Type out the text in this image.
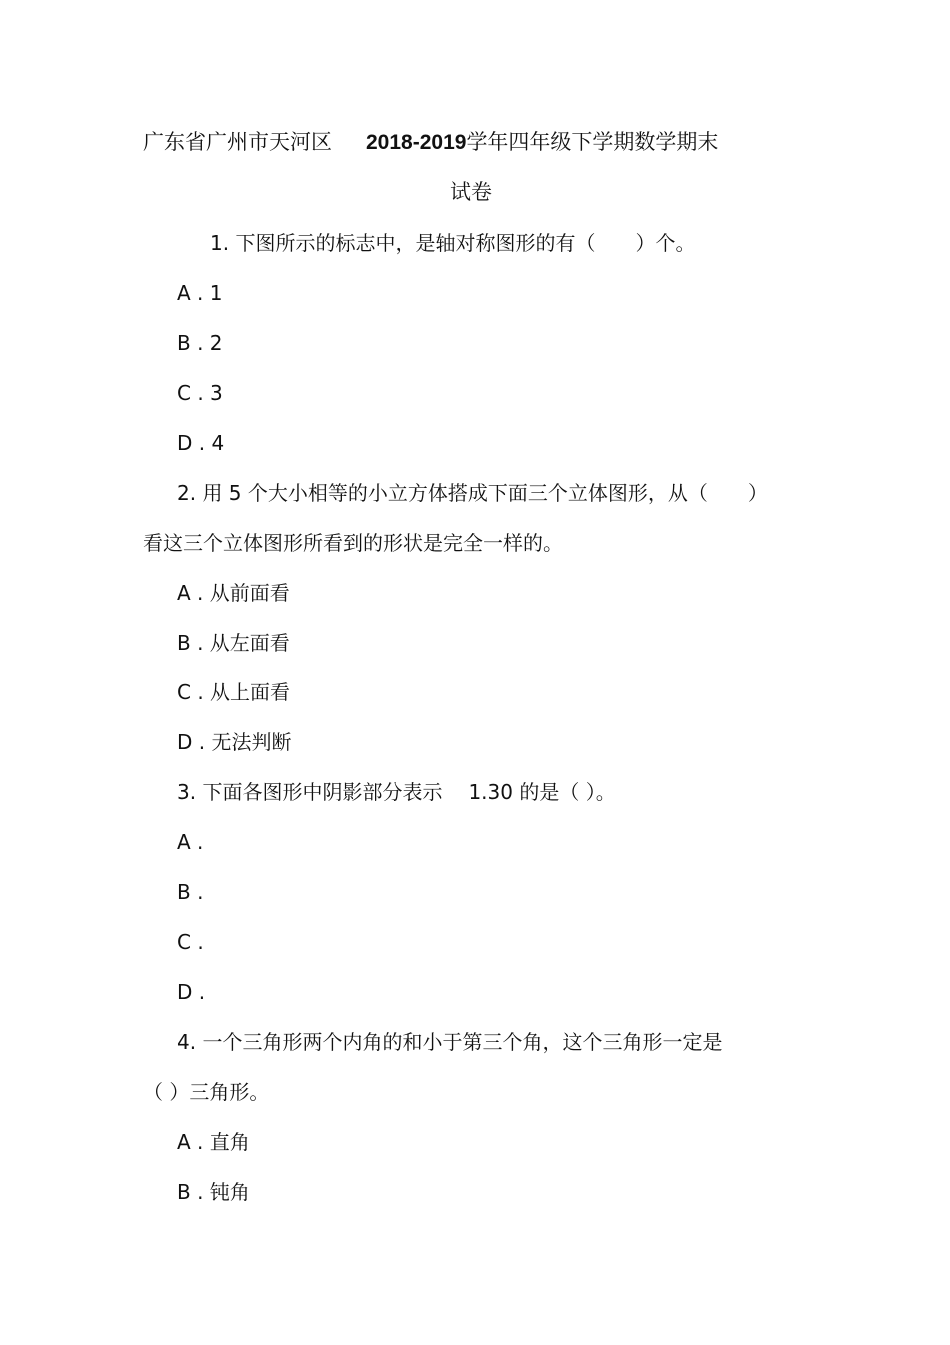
广东省广州市天河区 2018-2019学年四年级下学期数学期末
试卷
1. 下图所示的标志中，是轴对称图形的有（　　）个。
A . 1
B . 2
C . 3
D . 4
2. 用 5 个大小相等的小立方体搭成下面三个立体图形，从（　　）
看这三个立体图形所看到的形状是完全一样的。
A . 从前面看
B . 从左面看
C . 从上面看
D . 无法判断
3. 下面各图形中阴影部分表示 1.30 的是（ ）。
A .
B .
C .
D .
4. 一个三角形两个内角的和小于第三个角，这个三角形一定是
（ ）三角形。
A . 直角
B . 钝角
